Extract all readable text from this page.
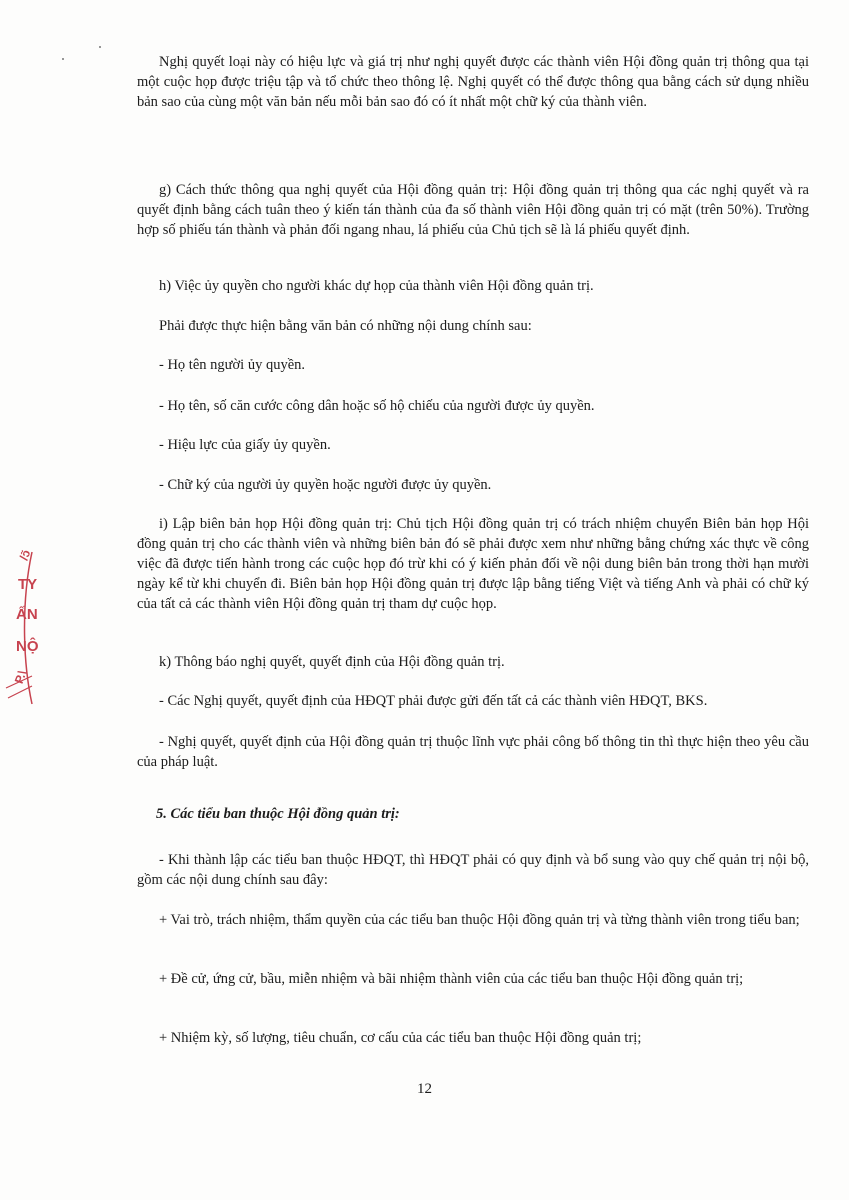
/ɔ̃
TY
ẤN
NỘ
P.\

Nghị quyết loại này có hiệu lực và giá trị như nghị quyết được các thành viên Hội đồng quản trị thông qua tại một cuộc họp được triệu tập và tổ chức theo thông lệ. Nghị quyết có thể được thông qua bằng cách sử dụng nhiều bản sao của cùng một văn bản nếu mỗi bản sao đó có ít nhất một chữ ký của thành viên.

g) Cách thức thông qua nghị quyết của Hội đồng quản trị: Hội đồng quản trị thông qua các nghị quyết và ra quyết định bằng cách tuân theo ý kiến tán thành của đa số thành viên Hội đồng quản trị có mặt (trên 50%). Trường hợp số phiếu tán thành và phản đối ngang nhau, lá phiếu của Chủ tịch sẽ là lá phiếu quyết định.

h) Việc ủy quyền cho người khác dự họp của thành viên Hội đồng quản trị.

Phải được thực hiện bằng văn bản có những nội dung chính sau:

- Họ tên người ủy quyền.

- Họ tên, số căn cước công dân hoặc số hộ chiếu của người được ủy quyền.

- Hiệu lực của giấy ủy quyền.

- Chữ ký của người ủy quyền hoặc người được ủy quyền.

i) Lập biên bản họp Hội đồng quản trị: Chủ tịch Hội đồng quản trị có trách nhiệm chuyển Biên bản họp Hội đồng quản trị cho các thành viên và những biên bản đó sẽ phải được xem như những bằng chứng xác thực về công việc đã được tiến hành trong các cuộc họp đó trừ khi có ý kiến phản đối về nội dung biên bản trong thời hạn mười ngày kể từ khi chuyển đi. Biên bản họp Hội đồng quản trị được lập bằng tiếng Việt và tiếng Anh và phải có chữ ký của tất cả các thành viên Hội đồng quản trị tham dự cuộc họp.

k) Thông báo nghị quyết, quyết định của Hội đồng quản trị.

- Các Nghị quyết, quyết định của HĐQT phải được gửi đến tất cả các thành viên HĐQT, BKS.

- Nghị quyết, quyết định của Hội đồng quản trị thuộc lĩnh vực phải công bố thông tin thì thực hiện theo yêu cầu của pháp luật.

5. Các tiểu ban thuộc Hội đồng quản trị:

- Khi thành lập các tiểu ban thuộc HĐQT, thì HĐQT phải có quy định và bổ sung vào quy chế quản trị nội bộ, gồm các nội dung chính sau đây:

+ Vai trò, trách nhiệm, thẩm quyền của các tiểu ban thuộc Hội đồng quản trị và từng thành viên trong tiểu ban;

+ Đề cử, ứng cử, bầu, miễn nhiệm và bãi nhiệm thành viên của các tiểu ban thuộc Hội đồng quản trị;

+ Nhiệm kỳ, số lượng, tiêu chuẩn, cơ cấu của các tiểu ban thuộc Hội đồng quản trị;

12
